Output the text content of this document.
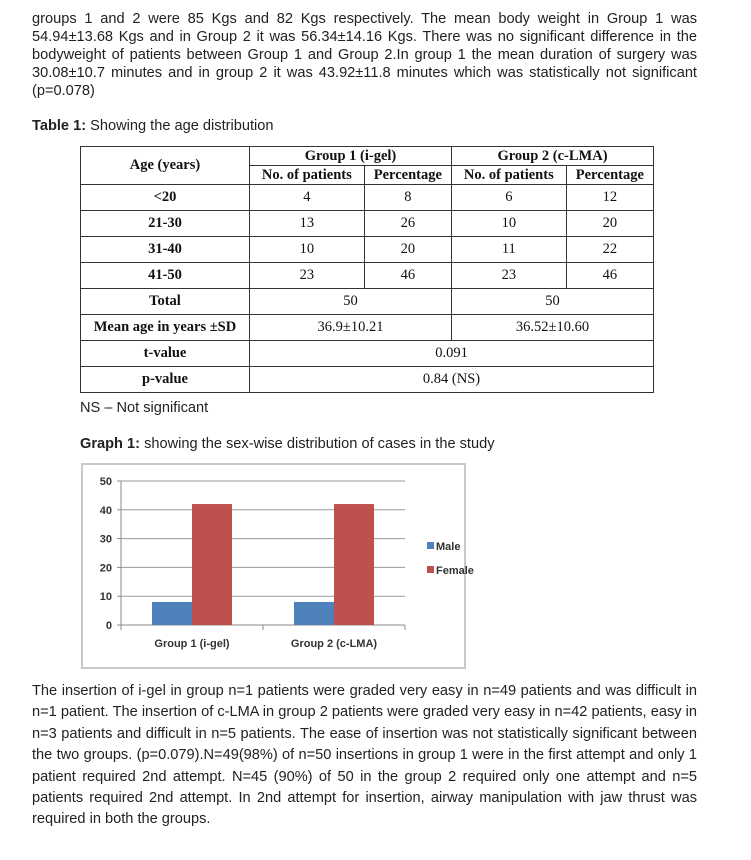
groups 1 and 2 were 85 Kgs and 82 Kgs respectively. The mean body weight in Group 1 was 54.94±13.68 Kgs and in Group 2 it was 56.34±14.16 Kgs. There was no significant difference in the bodyweight of patients between Group 1 and Group 2.In group 1 the mean duration of surgery was 30.08±10.7 minutes and in group 2 it was 43.92±11.8 minutes which was statistically not significant (p=0.078)

Table 1: Showing the age distribution

Age (years)	Group 1 (i-gel)		Group 2 (c-LMA)	
	No. of patients	Percentage	No. of patients	Percentage
<20	4	8	6	12
21-30	13	26	10	20
31-40	10	20	11	22
41-50	23	46	23	46
Total	50		50	
Mean age in years ±SD	36.9±10.21		36.52±10.60	
t-value	0.091			
p-value	0.84 (NS)			
NS – Not significant

Graph 1: showing the sex-wise distribution of cases in the study

0
10
20
30
40
50
Group 1 (i-gel)	Group 2 (c-LMA)
Male
Female

The insertion of i-gel in group n=1 patients were graded very easy in n=49 patients and was difficult in n=1 patient. The insertion of c-LMA in group 2 patients were graded very easy in n=42 patients, easy in n=3 patients and difficult in n=5 patients. The ease of insertion was not statistically significant between the two groups. (p=0.079).N=49(98%) of n=50 insertions in group 1 were in the first attempt and only 1 patient required 2nd attempt. N=45 (90%) of 50 in the group 2 required only one attempt and n=5 patients required 2nd attempt. In 2nd attempt for insertion, airway manipulation with jaw thrust was required in both the groups.
